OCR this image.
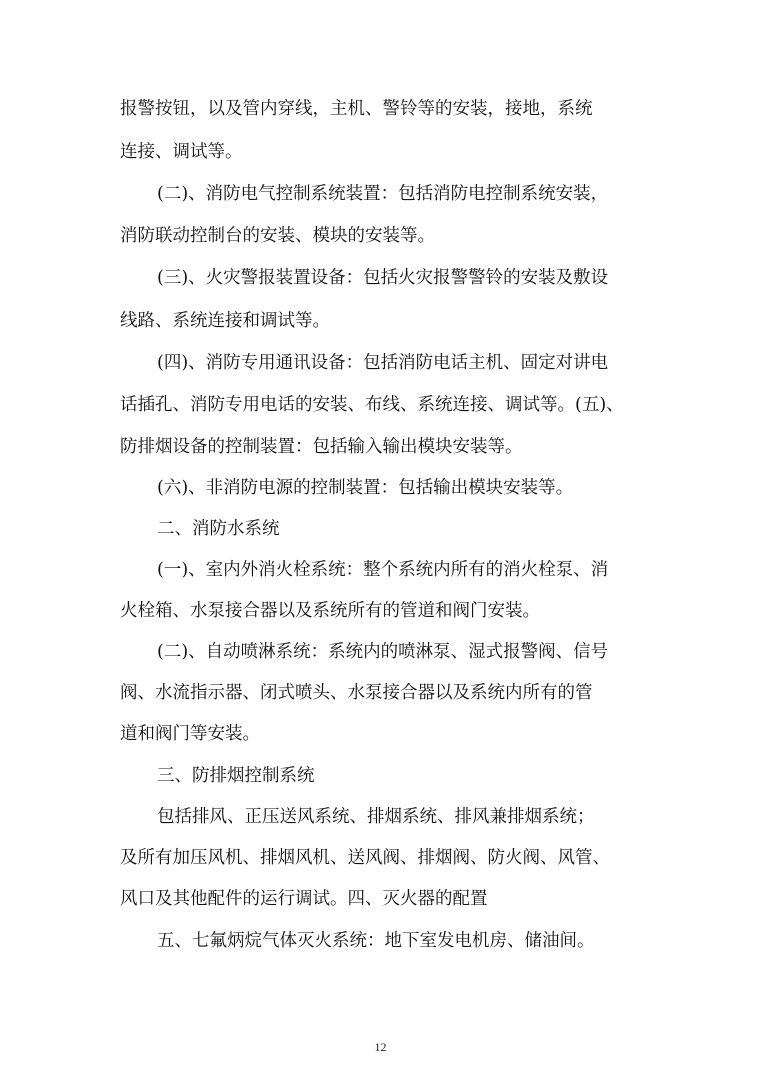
报警按钮，以及管内穿线，主机、警铃等的安装，接地，系统
连接、调试等。
(二)、消防电气控制系统装置：包括消防电控制系统安装，
消防联动控制台的安装、模块的安装等。
(三)、火灾警报装置设备：包括火灾报警警铃的安装及敷设
线路、系统连接和调试等。
(四)、消防专用通讯设备：包括消防电话主机、固定对讲电
话插孔、消防专用电话的安装、布线、系统连接、调试等。(五)、
防排烟设备的控制装置：包括输入输出模块安装等。
(六)、非消防电源的控制装置：包括输出模块安装等。
二、消防水系统
(一)、室内外消火栓系统：整个系统内所有的消火栓泵、消
火栓箱、水泵接合器以及系统所有的管道和阀门安装。
(二)、自动喷淋系统：系统内的喷淋泵、湿式报警阀、信号
阀、水流指示器、闭式喷头、水泵接合器以及系统内所有的管
道和阀门等安装。
三、防排烟控制系统
包括排风、正压送风系统、排烟系统、排风兼排烟系统；
及所有加压风机、排烟风机、送风阀、排烟阀、防火阀、风管、
风口及其他配件的运行调试。四、灭火器的配置
五、七氟炳烷气体灭火系统：地下室发电机房、储油间。
12
